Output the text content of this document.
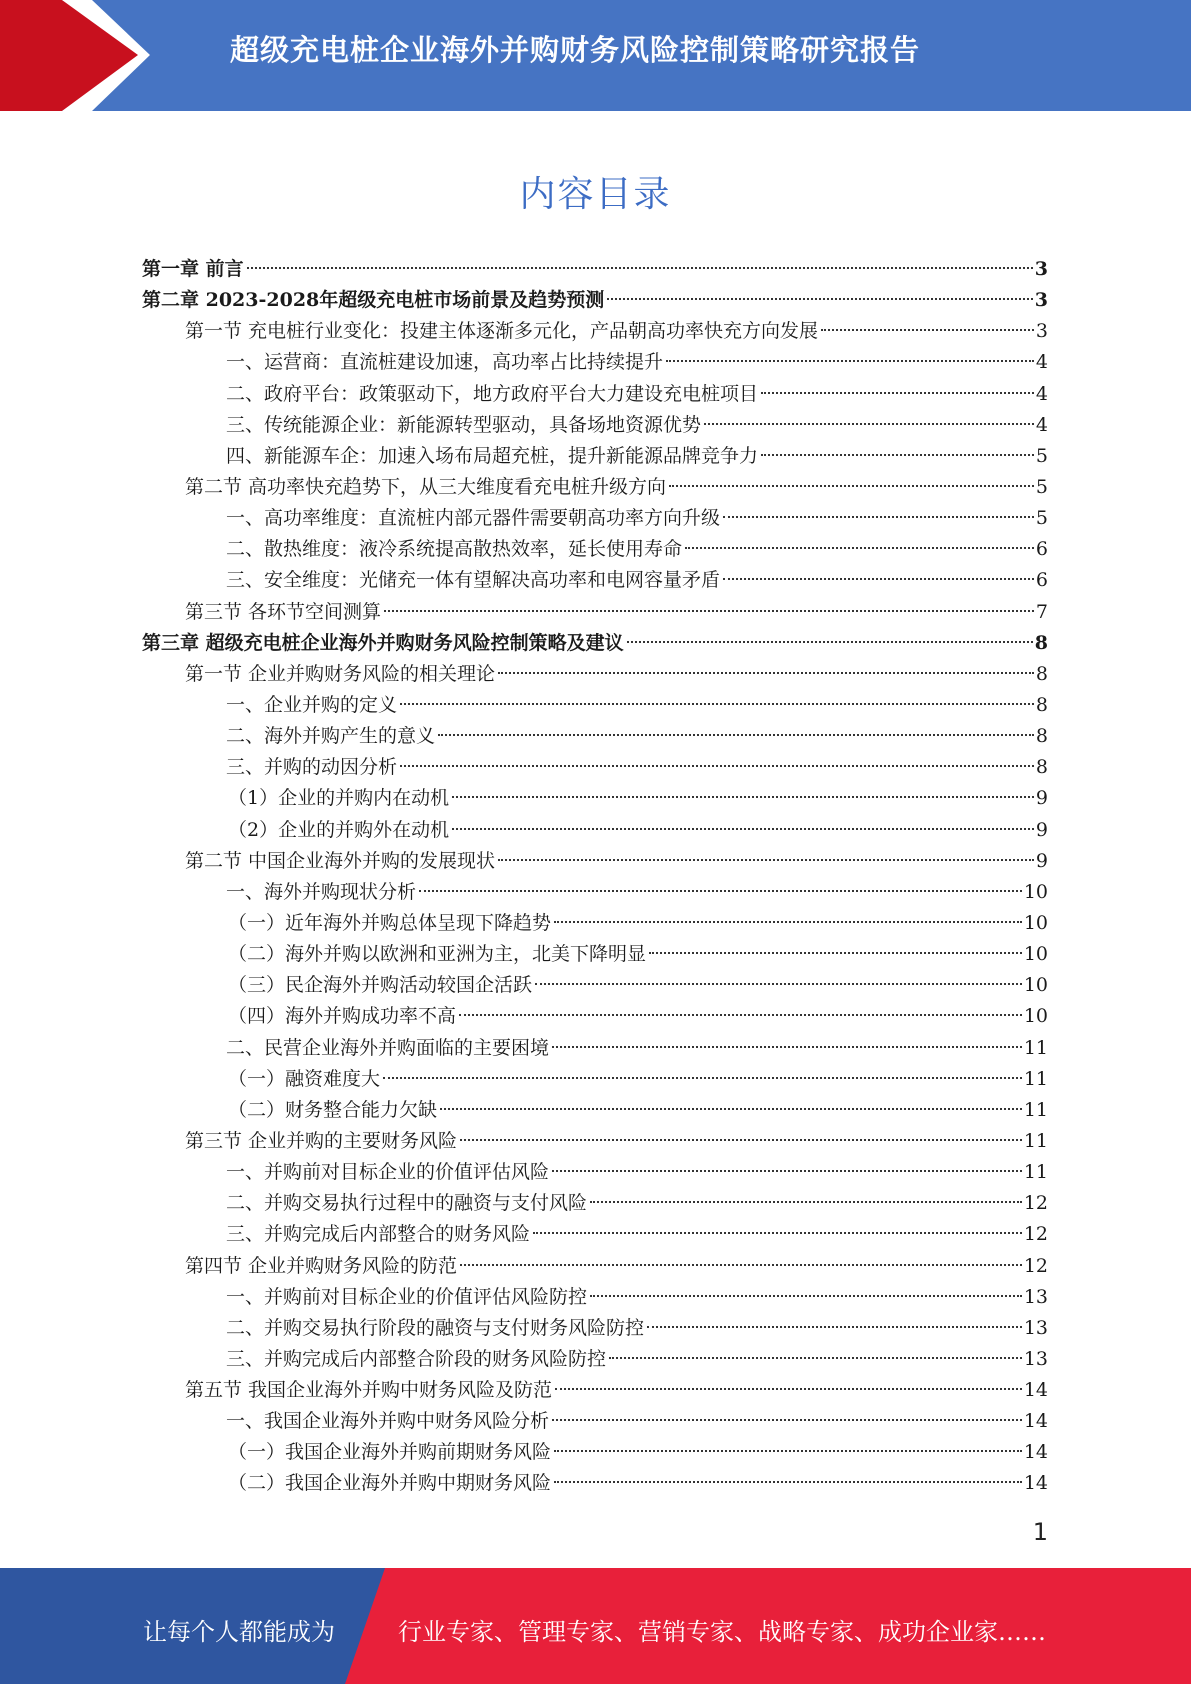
超级充电桩企业海外并购财务风险控制策略研究报告
内容目录
第一章 前言	3
第二章 2023-2028年超级充电桩市场前景及趋势预测	3
第一节 充电桩行业变化：投建主体逐渐多元化，产品朝高功率快充方向发展	3
一、运营商：直流桩建设加速，高功率占比持续提升	4
二、政府平台：政策驱动下，地方政府平台大力建设充电桩项目	4
三、传统能源企业：新能源转型驱动，具备场地资源优势	4
四、新能源车企：加速入场布局超充桩，提升新能源品牌竞争力	5
第二节 高功率快充趋势下，从三大维度看充电桩升级方向	5
一、高功率维度：直流桩内部元器件需要朝高功率方向升级	5
二、散热维度：液冷系统提高散热效率，延长使用寿命	6
三、安全维度：光储充一体有望解决高功率和电网容量矛盾	6
第三节 各环节空间测算	7
第三章 超级充电桩企业海外并购财务风险控制策略及建议	8
第一节 企业并购财务风险的相关理论	8
一、企业并购的定义	8
二、海外并购产生的意义	8
三、并购的动因分析	8
（1）企业的并购内在动机	9
（2）企业的并购外在动机	9
第二节 中国企业海外并购的发展现状	9
一、海外并购现状分析	10
（一）近年海外并购总体呈现下降趋势	10
（二）海外并购以欧洲和亚洲为主，北美下降明显	10
（三）民企海外并购活动较国企活跃	10
（四）海外并购成功率不高	10
二、民营企业海外并购面临的主要困境	11
（一）融资难度大	11
（二）财务整合能力欠缺	11
第三节 企业并购的主要财务风险	11
一、并购前对目标企业的价值评估风险	11
二、并购交易执行过程中的融资与支付风险	12
三、并购完成后内部整合的财务风险	12
第四节 企业并购财务风险的防范	12
一、并购前对目标企业的价值评估风险防控	13
二、并购交易执行阶段的融资与支付财务风险防控	13
三、并购完成后内部整合阶段的财务风险防控	13
第五节 我国企业海外并购中财务风险及防范	14
一、我国企业海外并购中财务风险分析	14
（一）我国企业海外并购前期财务风险	14
（二）我国企业海外并购中期财务风险	14
1
让每个人都能成为	行业专家、管理专家、营销专家、战略专家、成功企业家……
